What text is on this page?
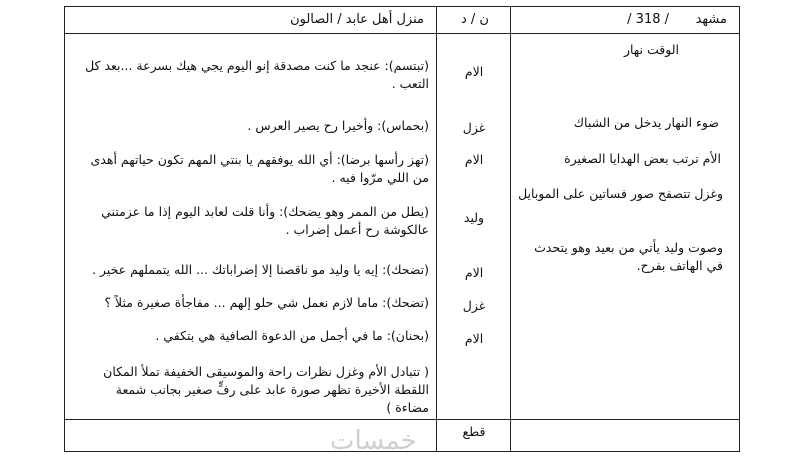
مشهد
/ 318 /
ن / د
منزل أهل عابد / الصالون
الوقت نهار
ضوء النهار يدخل من الشباك
الأم ترتب بعض الهدايا الصغيرة
وغزل تتصفح صور فساتين على الموبايل
وصوت وليد يأتي من بعيد وهو يتحدث في الهاتف بفرح.
الام
غزل
الام
وليد
الام
غزل
الام
(تبتسم): عنجد ما كنت مصدقة إنو اليوم يجي هيك بسرعة ...بعد كل التعب .
(بحماس): وأخيرا رح يصير العرس .
(تهز رأسها برضا): أي الله يوفقهم يا بنتي المهم تكون حياتهم أهدى من اللي مرّوا فيه .
(يطل من الممر وهو يضحك): وأنا قلت لعابد اليوم إذا ما عزمتني عالكوشة رح أعمل إضراب .
(تضحك): إيه يا وليد مو ناقصنا إلا إضراباتك ... الله يتمملهم عخير .
(تضحك): ماما لازم نعمل شي حلو إلهم ... مفاجأة صغيرة مثلاً ؟
(بحنان): ما في أجمل من الدعوة الصافية هي بتكفي .
( تتبادل الأم وغزل نظرات راحة والموسيقى الخفيفة تملأ المكان اللقطة الأخيرة تظهر صورة عابد على رفٍّ صغير بجانب شمعة مضاءة )
قطع
خمسات
